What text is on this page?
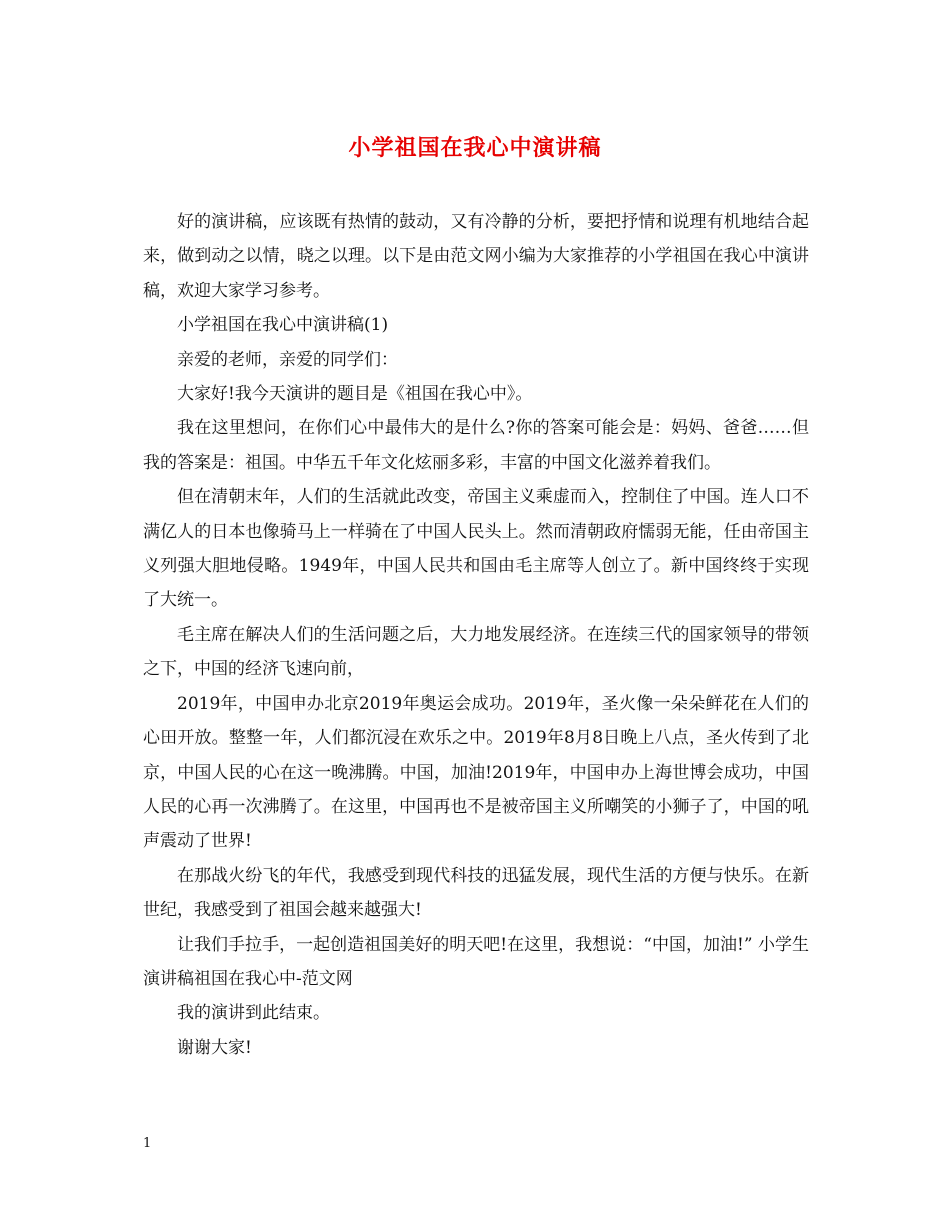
小学祖国在我心中演讲稿

好的演讲稿，应该既有热情的鼓动，又有冷静的分析，要把抒情和说理有机地结合起来，做到动之以情，晓之以理。以下是由范文网小编为大家推荐的小学祖国在我心中演讲稿，欢迎大家学习参考。

小学祖国在我心中演讲稿(1)

亲爱的老师，亲爱的同学们：

大家好!我今天演讲的题目是《祖国在我心中》。

我在这里想问，在你们心中最伟大的是什么?你的答案可能会是：妈妈、爸爸……但我的答案是：祖国。中华五千年文化炫丽多彩，丰富的中国文化滋养着我们。

但在清朝末年，人们的生活就此改变，帝国主义乘虚而入，控制住了中国。连人口不满亿人的日本也像骑马上一样骑在了中国人民头上。然而清朝政府懦弱无能，任由帝国主义列强大胆地侵略。1949年，中国人民共和国由毛主席等人创立了。新中国终终于实现了大统一。

毛主席在解决人们的生活问题之后，大力地发展经济。在连续三代的国家领导的带领之下，中国的经济飞速向前，

2019年，中国申办北京2019年奥运会成功。2019年，圣火像一朵朵鲜花在人们的心田开放。整整一年，人们都沉浸在欢乐之中。2019年8月8日晚上八点，圣火传到了北京，中国人民的心在这一晚沸腾。中国，加油!2019年，中国申办上海世博会成功，中国人民的心再一次沸腾了。在这里，中国再也不是被帝国主义所嘲笑的小狮子了，中国的吼声震动了世界!

在那战火纷飞的年代，我感受到现代科技的迅猛发展，现代生活的方便与快乐。在新世纪，我感受到了祖国会越来越强大!

让我们手拉手，一起创造祖国美好的明天吧!在这里，我想说：“中国，加油!” 小学生演讲稿祖国在我心中-范文网

我的演讲到此结束。

谢谢大家!

1
